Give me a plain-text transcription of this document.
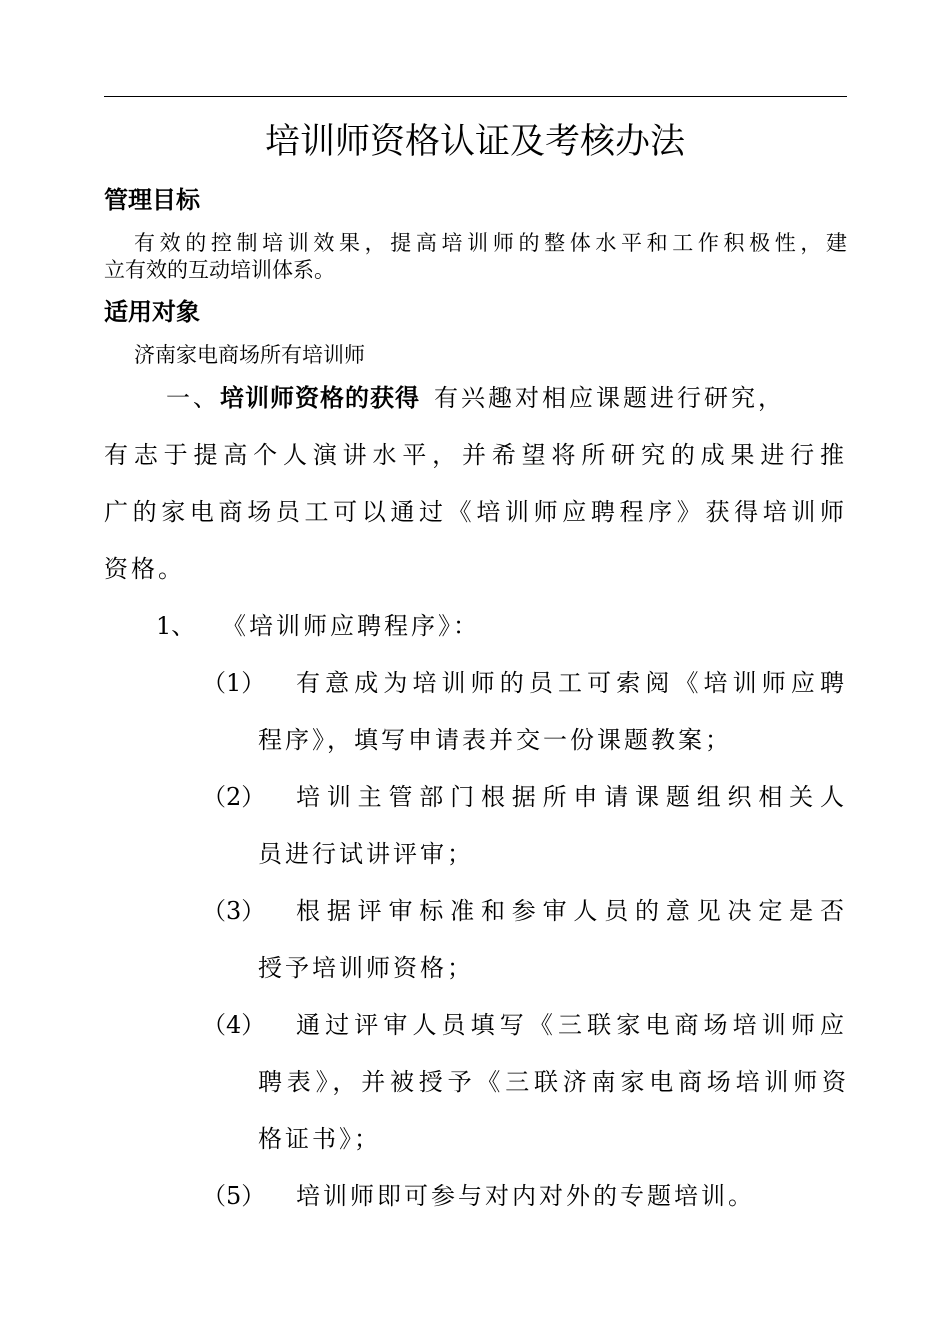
培训师资格认证及考核办法
管理目标
有效的控制培训效果，提高培训师的整体水平和工作积极性，建
立有效的互动培训体系。
适用对象
济南家电商场所有培训师
一、培训师资格的获得 有兴趣对相应课题进行研究，
有志于提高个人演讲水平，并希望将所研究的成果进行推
广的家电商场员工可以通过《培训师应聘程序》获得培训师
资格。
1、 《培训师应聘程序》：
（1） 有意成为培训师的员工可索阅《培训师应聘
程序》，填写申请表并交一份课题教案；
（2） 培训主管部门根据所申请课题组织相关人
员进行试讲评审；
（3） 根据评审标准和参审人员的意见决定是否
授予培训师资格；
（4） 通过评审人员填写《三联家电商场培训师应
聘表》，并被授予《三联济南家电商场培训师资
格证书》；
（5） 培训师即可参与对内对外的专题培训。
